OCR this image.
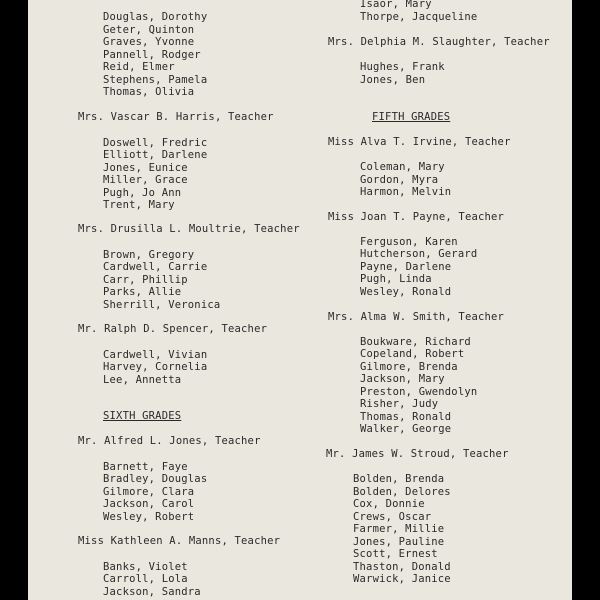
Douglas, Dorothy
Geter, Quinton
Graves, Yvonne
Pannell, Rodger
Reid, Elmer
Stephens, Pamela
Thomas, Olivia
Mrs. Vascar B. Harris, Teacher
Doswell, Fredric
Elliott, Darlene
Jones, Eunice
Miller, Grace
Pugh, Jo Ann
Trent, Mary
Mrs. Drusilla L. Moultrie, Teacher
Brown, Gregory
Cardwell, Carrie
Carr, Phillip
Parks, Allie
Sherrill, Veronica
Mr. Ralph D. Spencer, Teacher
Cardwell, Vivian
Harvey, Cornelia
Lee, Annetta
SIXTH GRADES
Mr. Alfred L. Jones, Teacher
Barnett, Faye
Bradley, Douglas
Gilmore, Clara
Jackson, Carol
Wesley, Robert
Miss Kathleen A. Manns, Teacher
Banks, Violet
Carroll, Lola
Jackson, Sandra
Isaor, Mary
Thorpe, Jacqueline
Mrs. Delphia M. Slaughter, Teacher
Hughes, Frank
Jones, Ben
FIFTH GRADES
Miss Alva T. Irvine, Teacher
Coleman, Mary
Gordon, Myra
Harmon, Melvin
Miss Joan T. Payne, Teacher
Ferguson, Karen
Hutcherson, Gerard
Payne, Darlene
Pugh, Linda
Wesley, Ronald
Mrs. Alma W. Smith, Teacher
Boukware, Richard
Copeland, Robert
Gilmore, Brenda
Jackson, Mary
Preston, Gwendolyn
Risher, Judy
Thomas, Ronald
Walker, George
Mr. James W. Stroud, Teacher
Bolden, Brenda
Bolden, Delores
Cox, Donnie
Crews, Oscar
Farmer, Millie
Jones, Pauline
Scott, Ernest
Thaston, Donald
Warwick, Janice
